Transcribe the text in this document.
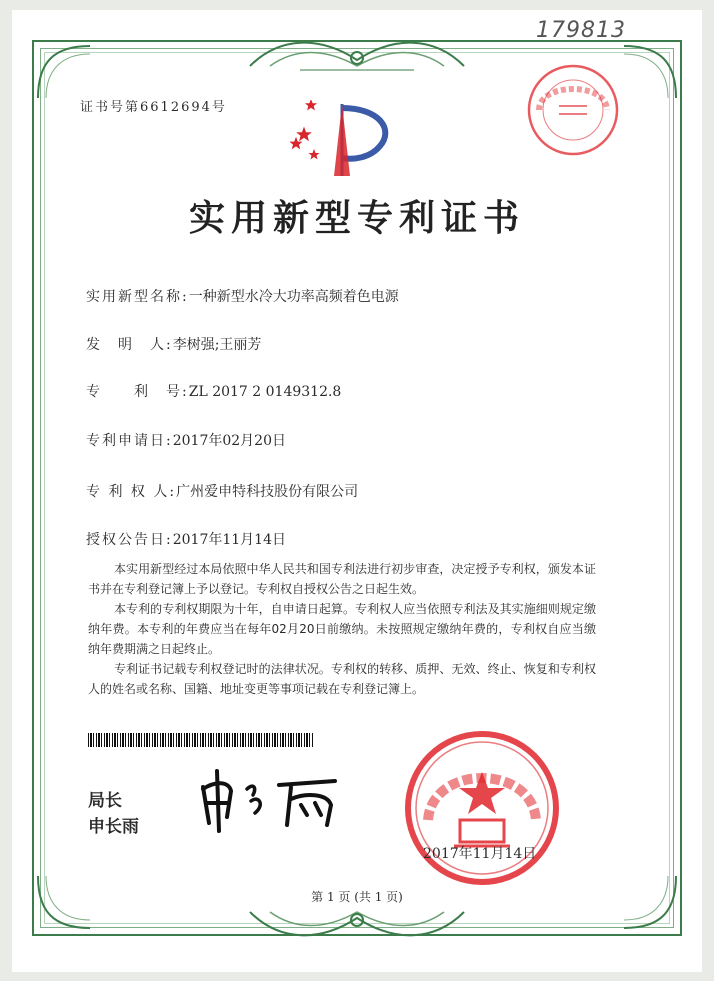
179813
证书号第6612694号
实用新型专利证书
实用新型名称:一种新型水冷大功率高频着色电源
发　明　人:李树强;王丽芳
专　　利　号:ZL 2017 2 0149312.8
专利申请日:2017年02月20日
专 利 权 人:广州爱申特科技股份有限公司
授权公告日:2017年11月14日

本实用新型经过本局依照中华人民共和国专利法进行初步审查，决定授予专利权，颁发本证书并在专利登记簿上予以登记。专利权自授权公告之日起生效。

本专利的专利权期限为十年，自申请日起算。专利权人应当依照专利法及其实施细则规定缴纳年费。本专利的年费应当在每年02月20日前缴纳。未按照规定缴纳年费的，专利权自应当缴纳年费期满之日起终止。

专利证书记载专利权登记时的法律状况。专利权的转移、质押、无效、终止、恢复和专利权人的姓名或名称、国籍、地址变更等事项记载在专利登记簿上。

局长
申长雨
2017年11月14日
第 1 页 (共 1 页)
